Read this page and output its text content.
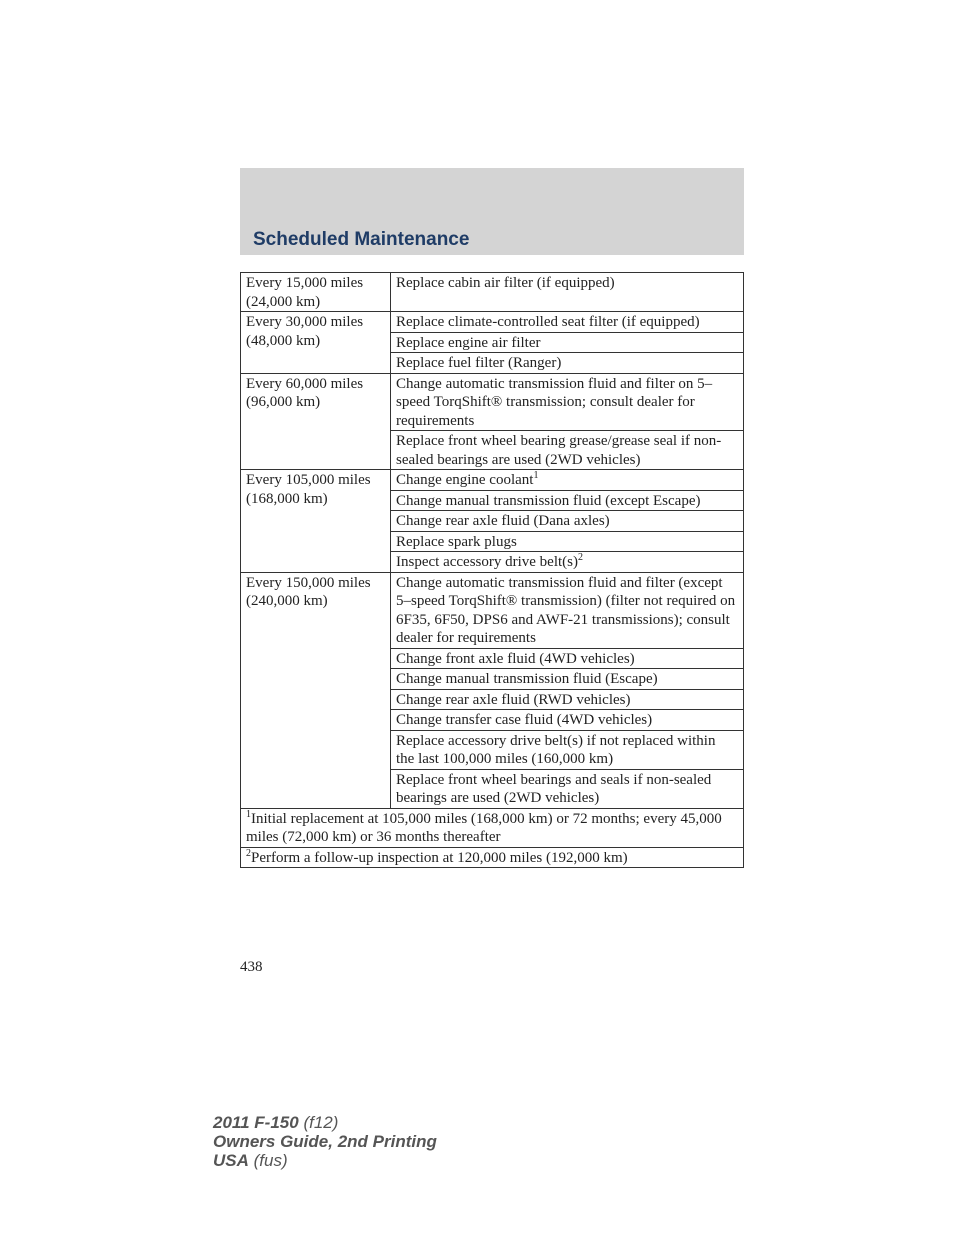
Scheduled Maintenance
Every 15,000 miles
(24,000 km)	Replace cabin air filter (if equipped)

Every 30,000 miles
(48,000 km)	Replace climate-controlled seat filter (if equipped)
	Replace engine air filter
	Replace fuel filter (Ranger)

Every 60,000 miles
(96,000 km)	Change automatic transmission fluid and filter on 5–speed TorqShift® transmission; consult dealer for requirements
	Replace front wheel bearing grease/grease seal if non-sealed bearings are used (2WD vehicles)

Every 105,000 miles
(168,000 km)	Change engine coolant$^1$
	Change manual transmission fluid (except Escape)
	Change rear axle fluid (Dana axles)
	Replace spark plugs
	Inspect accessory drive $belt(s)^2$

Every 150,000 miles
(240,000 km)	Change automatic transmission fluid and filter (except 5–speed TorqShift® transmission) (filter not required on 6F35, 6F50, DPS6 and AWF-21 transmissions); consult dealer for requirements
	Change front axle fluid (4WD vehicles)
	Change manual transmission fluid (Escape)
	Change rear axle fluid (RWD vehicles)
	Change transfer case fluid (4WD vehicles)
	Replace accessory drive belt(s) if not replaced within the last 100,000 miles (160,000 km)
	Replace front wheel bearings and seals if non-sealed bearings are used (2WD vehicles)
$^1$Initial replacement at 105,000 miles (168,000 km) or 72 months; every 45,000 miles (72,000 km) or 36 months thereafter	
$^2$Perform a follow-up inspection at 120,000 miles (192,000 km)	
438
2011 F-150 (f12)
Owners Guide, 2nd Printing
USA (fus)
